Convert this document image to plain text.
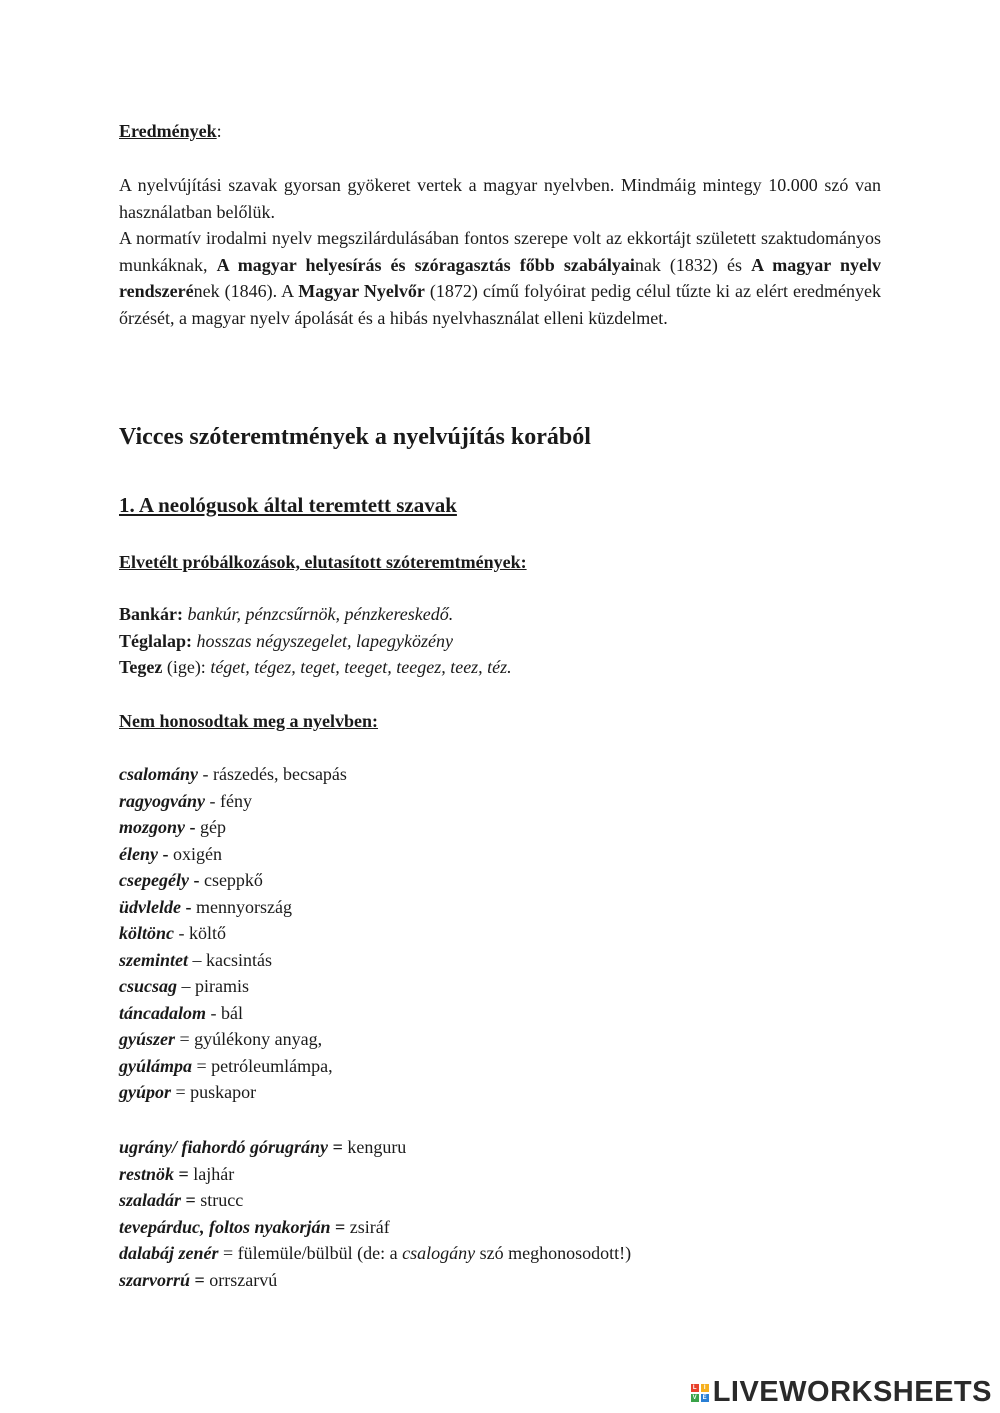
Eredmények:

A nyelvújítási szavak gyorsan gyökeret vertek a magyar nyelvben. Mindmáig mintegy 10.000 szó van használatban belőlük.

A normatív irodalmi nyelv megszilárdulásában fontos szerepe volt az ekkortájt született szaktudományos munkáknak, A magyar helyesírás és szóragasztás főbb szabályainak (1832) és A magyar nyelv rendszerének (1846). A Magyar Nyelvőr (1872) című folyóirat pedig célul tűzte ki az elért eredmények őrzését, a magyar nyelv ápolását és a hibás nyelvhasználat elleni küzdelmet.

Vicces szóteremtmények a nyelvújítás korából
1. A neológusok által teremtett szavak
Elvetélt próbálkozások, elutasított szóteremtmények:
Bankár: bankúr, pénzcsűrnök, pénzkereskedő.
Téglalap: hosszas négyszegelet, lapegyközény
Tegez (ige): téget, tégez, teget, teeget, teegez, teez, téz.
Nem honosodtak meg a nyelvben:
csalomány - rászedés, becsapás
ragyogvány - fény
mozgony - gép
éleny - oxigén
csepegély - cseppkő
üdvlelde - mennyország
költönc - költő
szemintet – kacsintás
csucsag – piramis
táncadalom - bál
gyúszer = gyúlékony anyag,
gyúlámpa = petróleumlámpa,
gyúpor = puskapor
ugrány/ fiahordó górugrány = kenguru
restnök = lajhár
szaladár = strucc
tevepárduc, foltos nyakorján = zsiráf
dalabáj zenér = fülemüle/bülbül (de: a csalogány szó meghonosodott!)
szarvorrú = orrszarvú
L	I
V E LIVEWORKSHEETS
